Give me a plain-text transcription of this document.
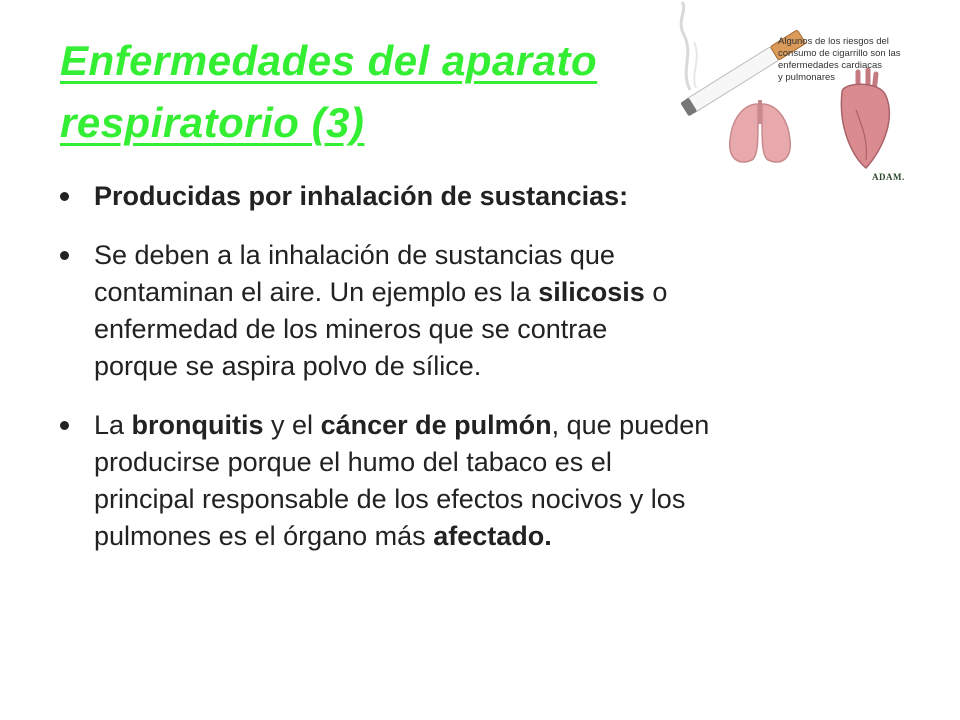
Enfermedades del aparato
respiratorio (3)
Algunos de los riesgos del
consumo de cigarrillo son las
enfermedades cardiacas
y pulmonares
ADAM.
Producidas por inhalación de sustancias:
Se deben a la inhalación de sustancias que
contaminan el aire. Un ejemplo es la silicosis o
enfermedad de los mineros que se contrae
porque se aspira polvo de sílice.
La bronquitis y el cáncer de pulmón, que pueden
producirse porque el humo del tabaco es el
principal responsable de los efectos nocivos y los
pulmones es el órgano más afectado.
